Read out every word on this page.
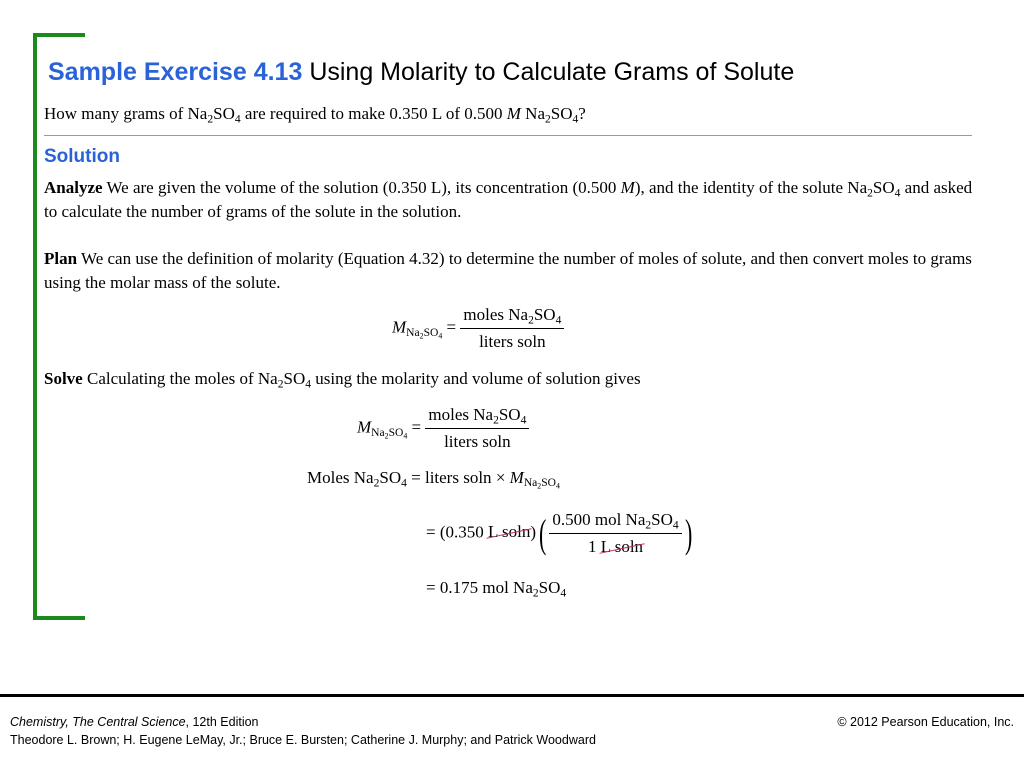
Sample Exercise 4.13 Using Molarity to Calculate Grams of Solute
How many grams of $Na_2SO_4$ are required to make 0.350 L of 0.500 M $Na_2SO_4$?
Solution
Analyze We are given the volume of the solution (0.350 L), its concentration (0.500 M), and the identity of the solute $Na_2SO_4$ and asked to calculate the number of grams of the solute in the solution.
Plan We can use the definition of molarity (Equation 4.32) to determine the number of moles of solute, and then convert moles to grams using the molar mass of the solute.
$M_{Na_2SO_4} = \frac{moles Na_2SO_4}{\text{liters soln}}$
Solve Calculating the moles of $Na_2SO_4$ using the molarity and volume of solution gives
$M_{Na_2SO_4} = \frac{moles Na_2SO_4}{\text{liters soln}}$
Moles $Na_2SO_4$ = liters $soln \times M_{Na_2SO_4}$
= (0.350 L $soln)( \frac{0.500 mol Na_2SO_4}{\text{1 L soln}}$ )
= 0.175 mol $Na_2SO_4$
Chemistry, The Central Science, 12th Edition
Theodore L. Brown; H. Eugene LeMay, Jr.; Bruce E. Bursten; Catherine J. Murphy; and Patrick Woodward
© 2012 Pearson Education, Inc.
